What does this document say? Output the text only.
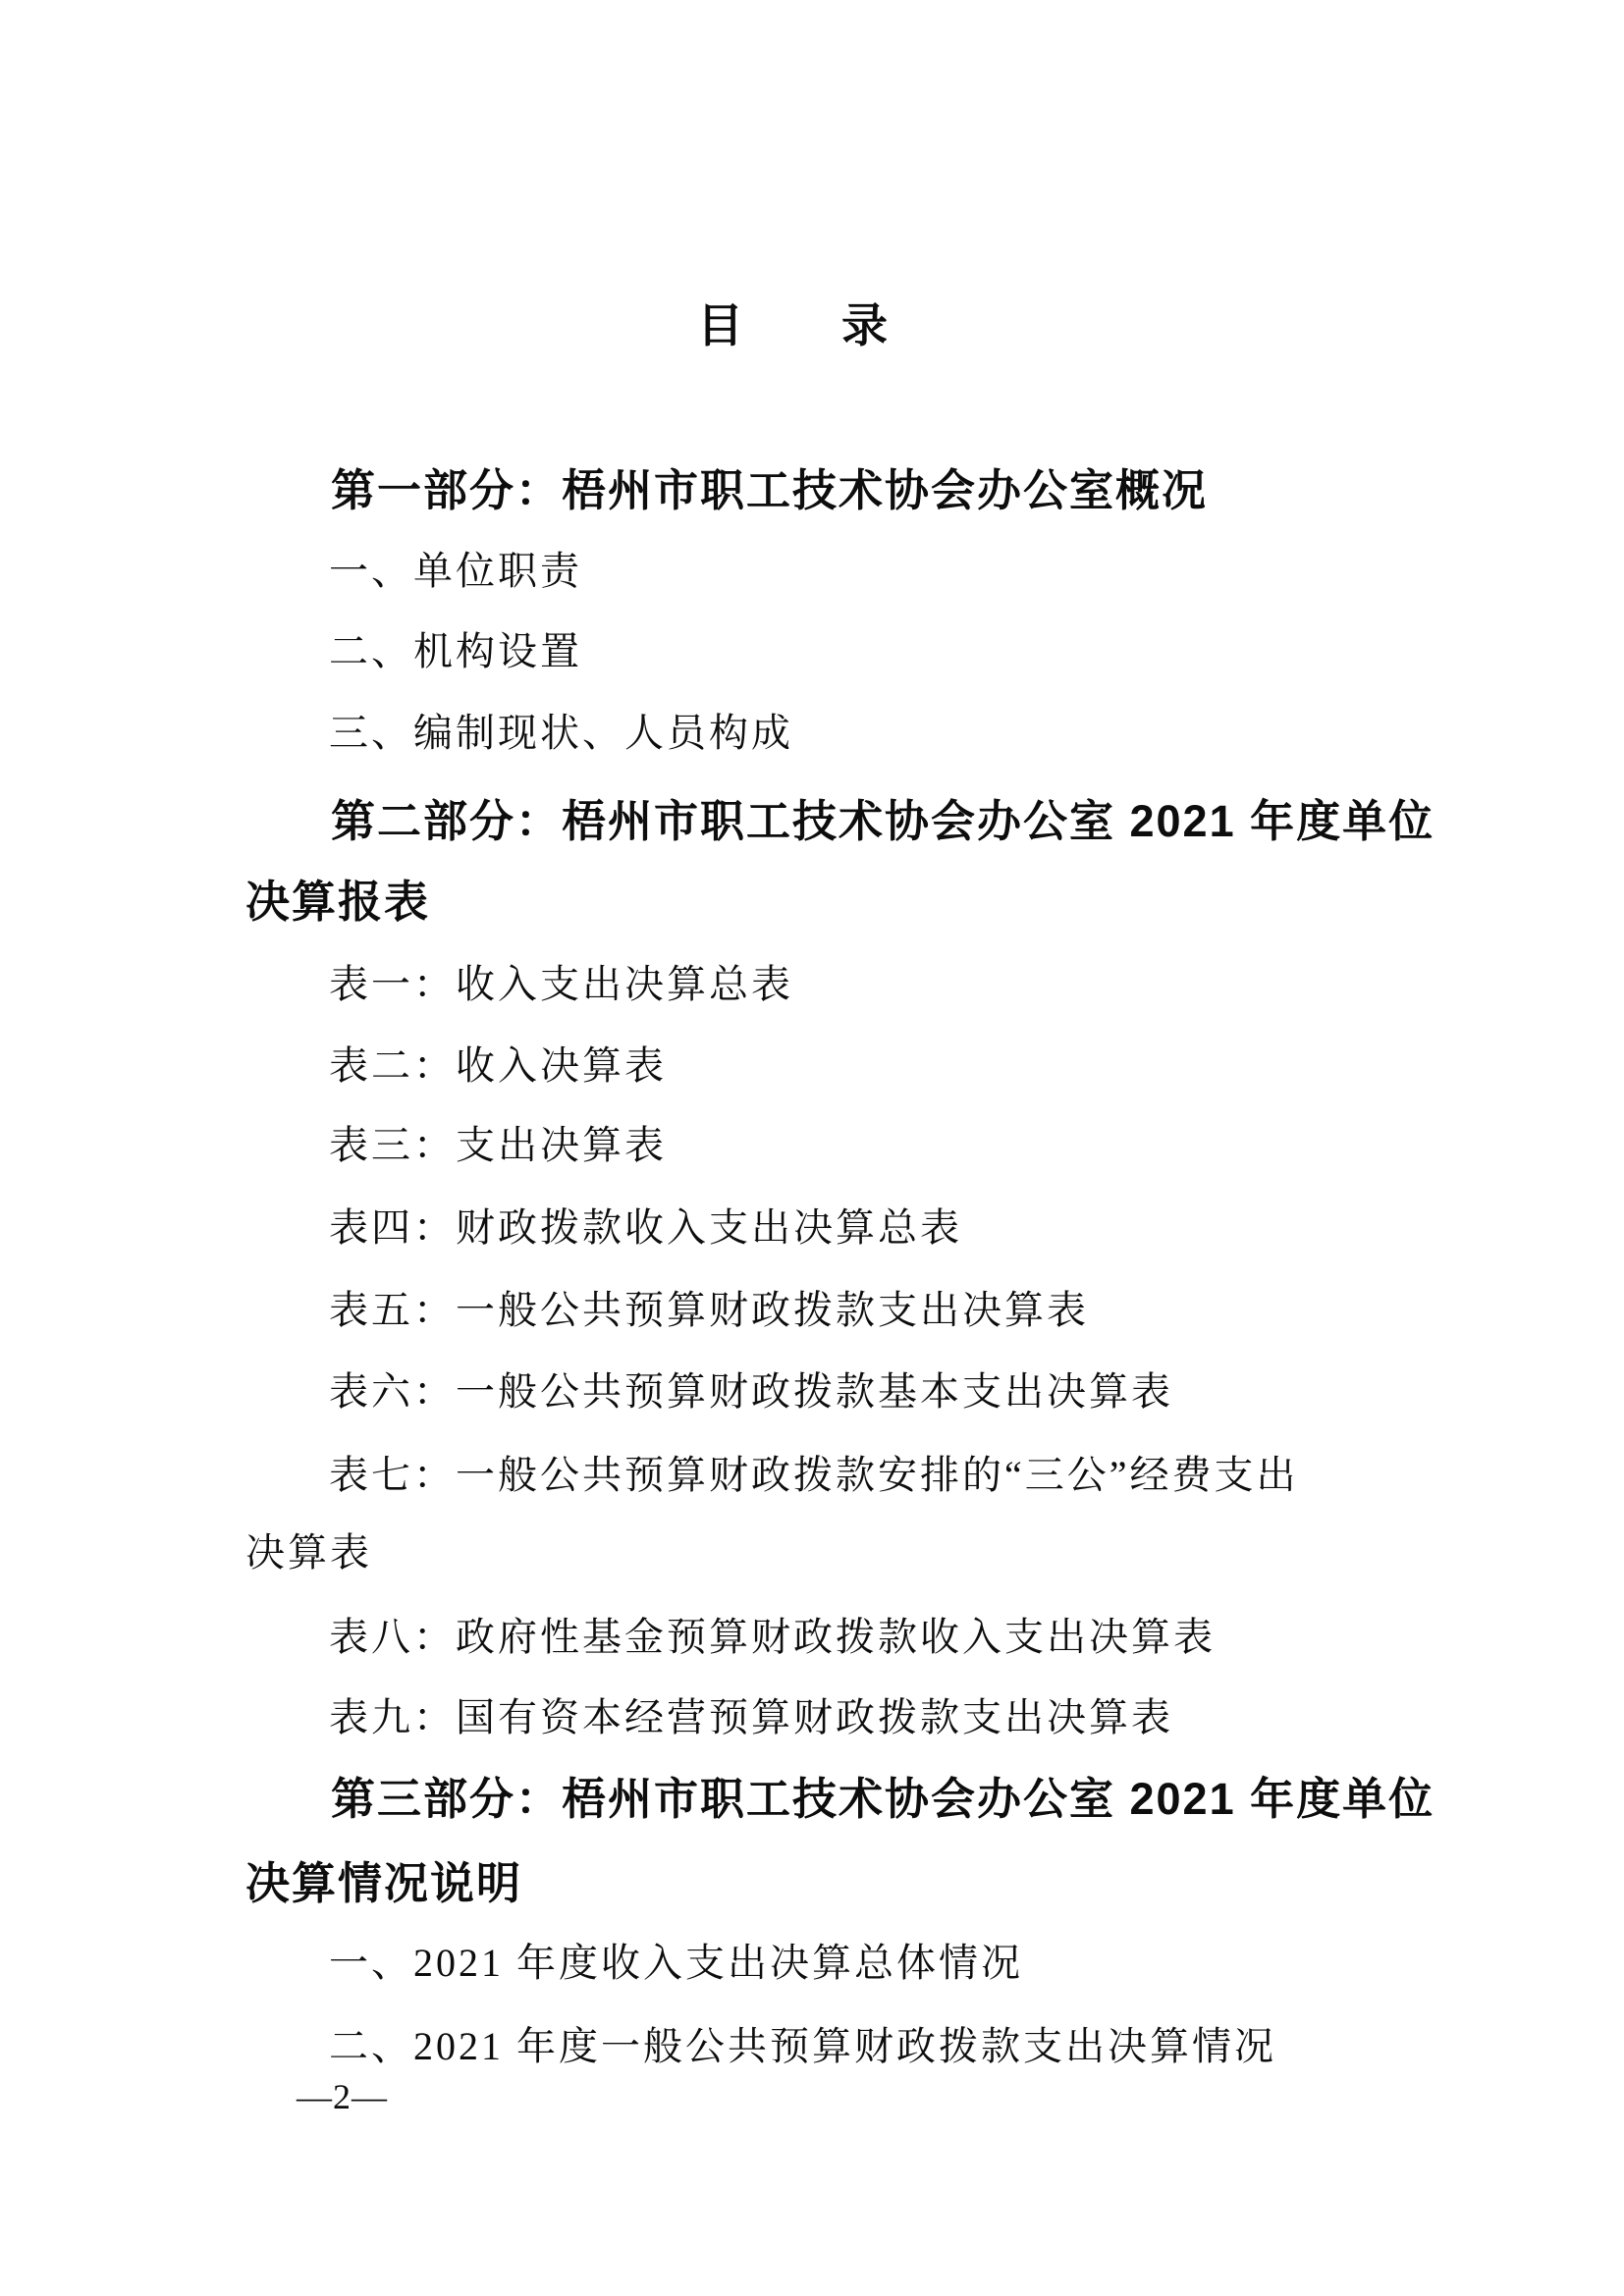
目　　录

第一部分：梧州市职工技术协会办公室概况

一、单位职责

二、机构设置

三、编制现状、人员构成

第二部分：梧州市职工技术协会办公室 2021 年度单位

决算报表

表一：收入支出决算总表

表二：收入决算表

表三：支出决算表

表四：财政拨款收入支出决算总表

表五：一般公共预算财政拨款支出决算表

表六：一般公共预算财政拨款基本支出决算表

表七：一般公共预算财政拨款安排的“三公”经费支出

决算表

表八：政府性基金预算财政拨款收入支出决算表

表九：国有资本经营预算财政拨款支出决算表

第三部分：梧州市职工技术协会办公室 2021 年度单位

决算情况说明

一、2021 年度收入支出决算总体情况

二、2021 年度一般公共预算财政拨款支出决算情况

—2—
